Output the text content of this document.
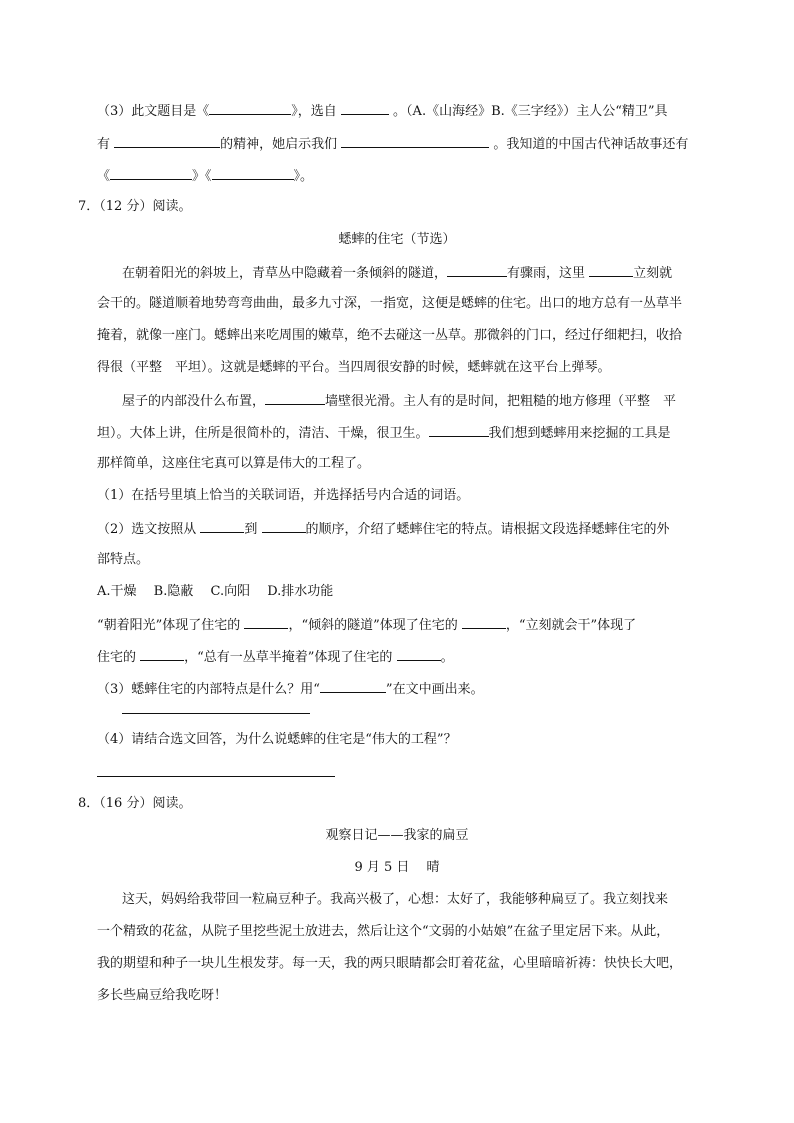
（3）此文题目是《	》，选自	。（A.《山海经》B.《三字经》）主人公“精卫”具
有	的精神，她启示我们	。我知道的中国古代神话故事还有
《	》《	》。
7．（12 分）阅读。
蟋蟀的住宅（节选）
在朝着阳光的斜坡上，青草丛中隐藏着一条倾斜的隧道，	有骤雨，这里	立刻就
会干的。隧道顺着地势弯弯曲曲，最多九寸深，一指宽，这便是蟋蟀的住宅。出口的地方总有一丛草半
掩着，就像一座门。蟋蟀出来吃周围的嫩草，绝不去碰这一丛草。那微斜的门口，经过仔细耙扫，收拾
得很（平整　平坦）。这就是蟋蟀的平台。当四周很安静的时候，蟋蟀就在这平台上弹琴。
屋子的内部没什么布置，	墙壁很光滑。主人有的是时间，把粗糙的地方修理（平整　平
坦）。大体上讲，住所是很简朴的，清洁、干燥，很卫生。	我们想到蟋蟀用来挖掘的工具是
那样简单，这座住宅真可以算是伟大的工程了。
（1）在括号里填上恰当的关联词语，并选择括号内合适的词语。
（2）选文按照从	到	的顺序，介绍了蟋蟀住宅的特点。请根据文段选择蟋蟀住宅的外
部特点。
A.干燥　 B.隐蔽　 C.向阳　 D.排水功能
“朝着阳光”体现了住宅的	，“倾斜的隧道”体现了住宅的	，“立刻就会干”体现了
住宅的	，“总有一丛草半掩着”体现了住宅的	。
（3）蟋蟀住宅的内部特点是什么？用“	”在文中画出来。
（4）请结合选文回答，为什么说蟋蟀的住宅是“伟大的工程”？
8．（16 分）阅读。
观察日记——我家的扁豆
9 月 5 日　 晴
这天，妈妈给我带回一粒扁豆种子。我高兴极了，心想：太好了，我能够种扁豆了。我立刻找来
一个精致的花盆，从院子里挖些泥土放进去，然后让这个“文弱的小姑娘”在盆子里定居下来。从此，
我的期望和种子一块儿生根发芽。每一天，我的两只眼睛都会盯着花盆，心里暗暗祈祷：快快长大吧，
多长些扁豆给我吃呀！
